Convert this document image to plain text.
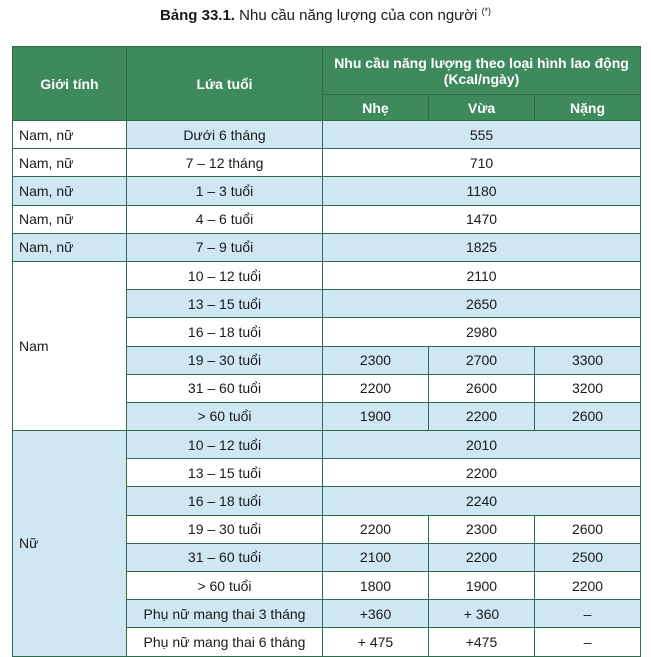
Bảng 33.1. Nhu cầu năng lượng của con người (*)
Giới tính	Lứa tuổi	Nhu cầu năng lượng theo loại hình lao động (Kcal/ngày)		
		Nhẹ	Vừa	Nặng
Nam, nữ	Dưới 6 tháng	555		
Nam, nữ	7 – 12 tháng	710		
Nam, nữ	1 – 3 tuổi	1180		
Nam, nữ	4 – 6 tuổi	1470		
Nam, nữ	7 – 9 tuổi	1825		
Nam	10 – 12 tuổi	2110		
	13 – 15 tuổi	2650		
	16 – 18 tuổi	2980		
	19 – 30 tuổi	2300	2700	3300
	31 – 60 tuổi	2200	2600	3200
	> 60 tuổi	1900	2200	2600
Nữ	10 – 12 tuổi	2010		
	13 – 15 tuổi	2200		
	16 – 18 tuổi	2240		
	19 – 30 tuổi	2200	2300	2600
	31 – 60 tuổi	2100	2200	2500
	> 60 tuổi	1800	1900	2200
	Phụ nữ mang thai 3 tháng	+360	+ 360	–
	Phụ nữ mang thai 6 tháng	+ 475	+475	–
